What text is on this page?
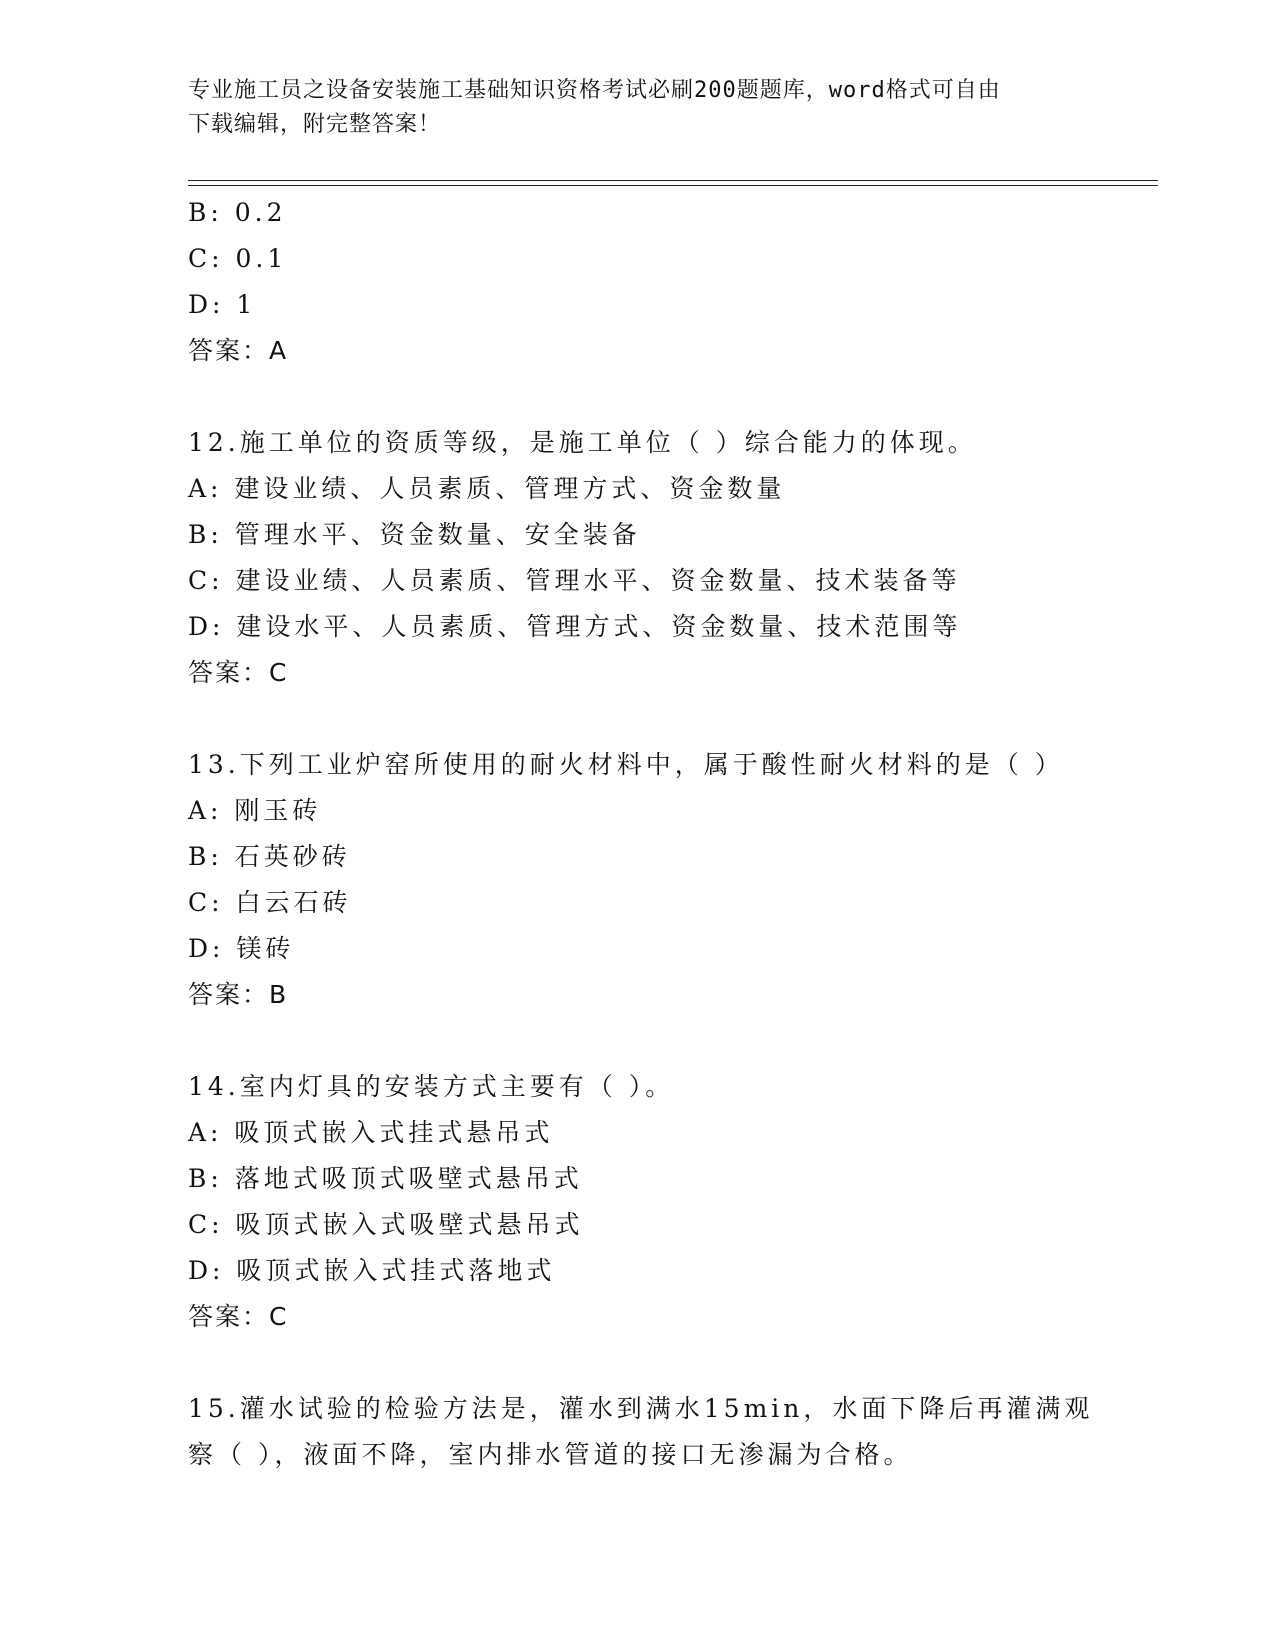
专业施工员之设备安装施工基础知识资格考试必刷200题题库，word格式可自由
下载编辑，附完整答案！
B: 0.2
C: 0.1
D: 1
答案：A
12.施工单位的资质等级，是施工单位（ ）综合能力的体现。
A: 建设业绩、人员素质、管理方式、资金数量
B: 管理水平、资金数量、安全装备
C: 建设业绩、人员素质、管理水平、资金数量、技术装备等
D: 建设水平、人员素质、管理方式、资金数量、技术范围等
答案：C
13.下列工业炉窑所使用的耐火材料中，属于酸性耐火材料的是（ ）
A: 刚玉砖
B: 石英砂砖
C: 白云石砖
D: 镁砖
答案：B
14.室内灯具的安装方式主要有（ ）。
A: 吸顶式嵌入式挂式悬吊式
B: 落地式吸顶式吸壁式悬吊式
C: 吸顶式嵌入式吸壁式悬吊式
D: 吸顶式嵌入式挂式落地式
答案：C
15.灌水试验的检验方法是，灌水到满水15min，水面下降后再灌满观
察（ ），液面不降，室内排水管道的接口无渗漏为合格。
